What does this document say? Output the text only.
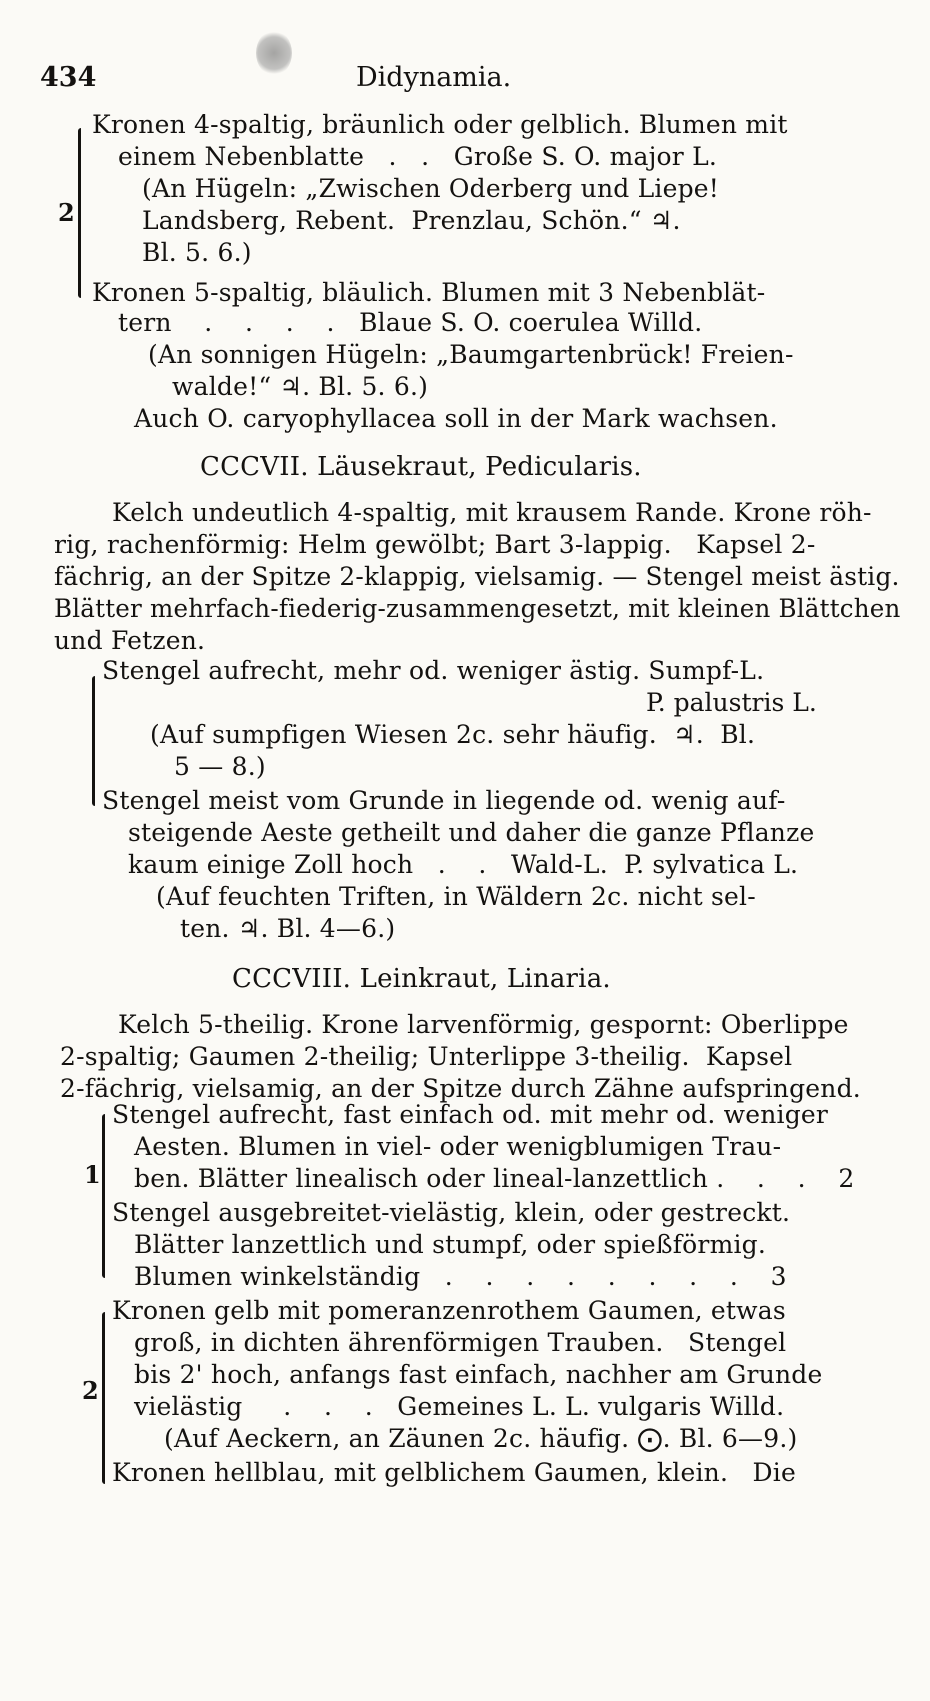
434	Didynamia.
2
Kronen 4-spaltig, bräunlich oder gelblich. Blumen mit
einem Nebenblatte   .   .   Große S. O. major L.
(An Hügeln: „Zwischen Oderberg und Liepe!
Landsberg, Rebent.  Prenzlau, Schön.“ ♃.
Bl. 5. 6.)
Kronen 5-spaltig, bläulich. Blumen mit 3 Nebenblät-
tern    .    .    .    .   Blaue S. O. coerulea Willd.
(An sonnigen Hügeln: „Baumgartenbrück! Freien-
walde!“ ♃. Bl. 5. 6.)
Auch O. caryophyllacea soll in der Mark wachsen.
CCCVII. Läusekraut, Pedicularis.
Kelch undeutlich 4-spaltig, mit krausem Rande. Krone röh-
rig, rachenförmig: Helm gewölbt; Bart 3-lappig.   Kapsel 2-
fächrig, an der Spitze 2-klappig, vielsamig. — Stengel meist ästig.
Blätter mehrfach-fiederig-zusammengesetzt, mit kleinen Blättchen
und Fetzen.
Stengel aufrecht, mehr od. weniger ästig. Sumpf-L.
P. palustris L.
(Auf sumpfigen Wiesen 2c. sehr häufig.  ♃.  Bl.
5 — 8.)
Stengel meist vom Grunde in liegende od. wenig auf-
steigende Aeste getheilt und daher die ganze Pflanze
kaum einige Zoll hoch   .    .   Wald-L.  P. sylvatica L.
(Auf feuchten Triften, in Wäldern 2c. nicht sel-
ten. ♃. Bl. 4—6.)
CCCVIII. Leinkraut, Linaria.
Kelch 5-theilig. Krone larvenförmig, gespornt: Oberlippe
2-spaltig; Gaumen 2-theilig; Unterlippe 3-theilig.  Kapsel
2-fächrig, vielsamig, an der Spitze durch Zähne aufspringend.
1
Stengel aufrecht, fast einfach od. mit mehr od. weniger
Aesten. Blumen in viel- oder wenigblumigen Trau-
ben. Blätter linealisch oder lineal-lanzettlich .    .    .    2
Stengel ausgebreitet-vielästig, klein, oder gestreckt.
Blätter lanzettlich und stumpf, oder spießförmig.
Blumen winkelständig   .    .    .    .    .    .    .    .    3
2
Kronen gelb mit pomeranzenrothem Gaumen, etwas
groß, in dichten ährenförmigen Trauben.   Stengel
bis 2' hoch, anfangs fast einfach, nachher am Grunde
vielästig     .    .    .   Gemeines L. L. vulgaris Willd.
(Auf Aeckern, an Zäunen 2c. häufig. ⨀. Bl. 6—9.)
Kronen hellblau, mit gelblichem Gaumen, klein.   Die
